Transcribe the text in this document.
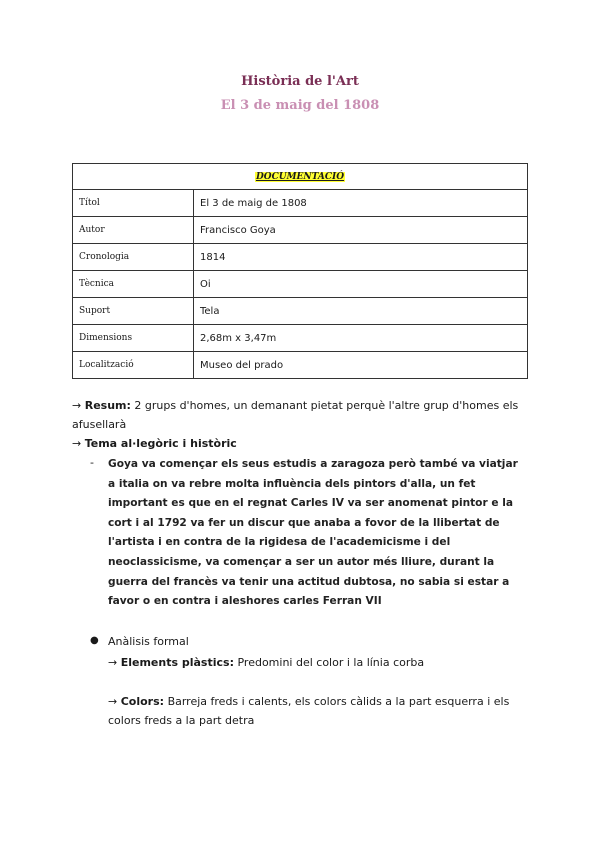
Història de l'Art
El 3 de maig del 1808
DOCUMENTACIÓ	
Títol	El 3 de maig de 1808
Autor	Francisco Goya
Cronologia	1814
Tècnica	Oi
Suport	Tela
Dimensions	2,68m x 3,47m
Localització	Museo del prado
→ Resum: 2 grups d'homes, un demanant pietat perquè l'altre grup d'homes els afusellarà
→ Tema al·legòric i històric
- Goya va començar els seus estudis a zaragoza però també va viatjar a italia on va rebre molta influència dels pintors d'alla, un fet important es que en el regnat Carles IV va ser anomenat pintor e la cort i al 1792 va fer un discur que anaba a fovor de la llibertat de l'artista i en contra de la rigidesa de l'academicisme i del neoclassicisme, va començar a ser un autor més lliure, durant la guerra del francès va tenir una actitud dubtosa, no sabia si estar a favor o en contra i aleshores carles Ferran VII
● Anàlisis formal
→ Elements plàstics: Predomini del color i la línia corba
→ Colors: Barreja freds i calents, els colors càlids a la part esquerra i els colors freds a la part detra
